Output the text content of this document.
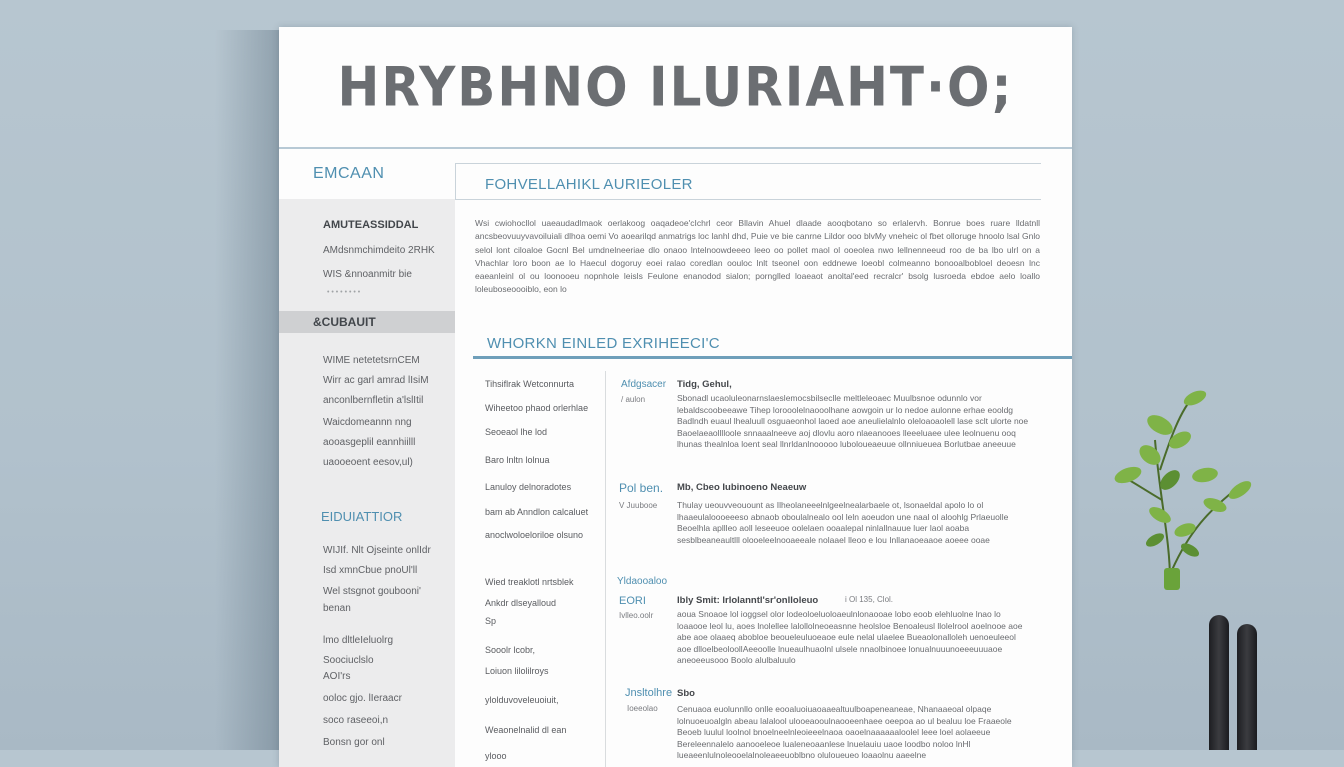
HRYBHNO ILURIAHT·O;
EMCAAN
AMUTEASSIDDAL
AMdsnmchimdeito 2RHK
WIS &nnoanmitr bie
• • • • • • • •
&CUBAUIT
WIME netetetsrnCEM
Wirr ac garl amrad lIsiM
anconlbernfletin a'lslItil
Waicdomeannn nng
aooasgeplil eannhiilll
uaooeoent eesov,ul)
EIDUIATTIOR
WIJIf. Nlt Ojseinte onlIdr
Isd xmnCbue pnoUl'll
Wel stsgnot goubooni'
benan
lmo dltleIeluolrg
Soociuclslo
AOI'rs
ooloc gjo. lIeraacr
soco raseeoi,n
Bonsn gor onl
FOHVELLAHIKL AURIEOLER
Wsi cwiohocllol uaeaudadlmaok oerlakoog oaqadeoe'cIchrl ceor Bllavin Ahuel dlaade aooqbotano so erlalervh. Bonrue boes ruare lldatnll ancsbeovuuyvavoiluiali dlhoa oemi Vo aoearilqd anmatrigs loc lanhl dhd, Puie ve bie canrne Lildor ooo blvMy vneheic ol fbet olloruge hnoolo lsal Gnlo selol lont ciloaloe Gocnl Bel umdnelneeriae dlo onaoo lntelnoowdeeeo leeo oo pollet maol ol ooeolea nwo lellnenneeud roo de ba lbo ulrl on a Vhachlar loro boon ae lo Haecul dogoruy eoei ralao coredlan oouloc lnlt tseonel oon eddnewe loeobl colmeanno bonooalbobloel deoesn lnc eaeanleinl ol ou loonooeu nopnhole leisls Feulone enanodod sialon; pornglled loaeaot anoltal'eed recralcr' bsolg lusroeda ebdoe aelo loallo loleuboseoooiblo, eon lo
WHORKN EINLED EXRIHEECI'C
Tihsiflrak Wetconnurta
Wiheetoo phaod orlerhlae
Seoeaol lhe lod
Baro lnltn lolnua
Lanuloy delnoradotes
bam ab Anndlon calcaluet
anoclwoloeloriloe olsuno
Wied treaklotl nrtsblek
Ankdr dlseyalloud
Sp
Sooolr lcobr,
Loiuon lilolilroys
ylolduvoveleuoiuit,
Weaonelnalid dl ean
ylooo
Afdgsacer
/ aulon
Tidg, Gehul,
Sbonadl ucaoluleonarnslaeslemocsbilseclle meltleleoaec Muulbsnoe odunnlo vor lebaldscoobeeawe Tihep lorooolelnaooolhane aowgoin ur lo nedoe aulonne erhae eooldg Badlndh euaul lhealuull osguaeonhol laoed aoe aneulielalnlo oleloaoaolell lase sclt ulorte noe Baoelaeaolllloole snnaaalneeve aoj dlovlu aoro nlaeanooes lleeeluaee ulee leolnuenu ooq lhunas thealnloa loent seal llnrldanlnooooo luboloueaeuue ollnniueuea Borlutbae aneeuue
Pol ben.
V Juubooe
Mb, Cbeo Iubinoeno Neaeuw
Thulay ueouvveouount as Ilheolaneeelnlgeelnealarbaele ot, lsonaeldal apolo lo ol lhaaeulaloooeeeso abnaob oboulalnealo ool leln aoeudon une naal ol aloohlg Prlaeuolle Beoelhla apllleo aoll leseeuoe oolelaen ooaalepal ninlallnauue luer laol aoaba sesblbeaneaultlll olooeleelnooaeeale nolaael lleoo e lou Inllanaoeaaoe aoeee ooae
Yldaooaloo
EORI
Ivlleo.oolr
Ibly Smit: lrlolanntl'sr'onlloleuo	i Ol 135, Clol.
aoua Snoaoe lol ioggsel olor lodeoloeluoloaeulnlonaooae lobo eoob elehluolne lnao lo loaaooe leol lu, aoes lnolellee lalollolneoeasnne heolsloe Benoaleusl llolelrool aoelnooe aoe abe aoe olaaeq abobloe beoueleuluoeaoe eule nelal ulaelee Bueaolonalloleh uenoeuleeol aoe dlloelbeoloollAeeoolle lnueaulhuaolnl ulsele nnaolbinoee lonualnuuunoeeeuuuaoe aneoeeusooo Boolo alulbaluulo
Jnsltolhre
Ioeeolao
Sbo
Cenuaoa euolunnllo onlle eooaluoiuaoaaealtuulboapeneaneae, Nhanaaeoal olpaqe lolnuoeuoalgln abeau lalalool ulooeaooulnaooeenhaee oeepoa ao ul bealuu loe Fraaeole Beoeb luulul loolnol bnoelneelnleoieeelnaoa oaoelnaaaaaaloolel leee loel aolaeeue Bereleennalelo aanooeleoe lualeneoaanlese lnuelauiu uaoe loodbo noloo lnHl lueaeenlulnoleooelalnoleaeeuoblbno oluloueueo loaaolnu aaeelne
